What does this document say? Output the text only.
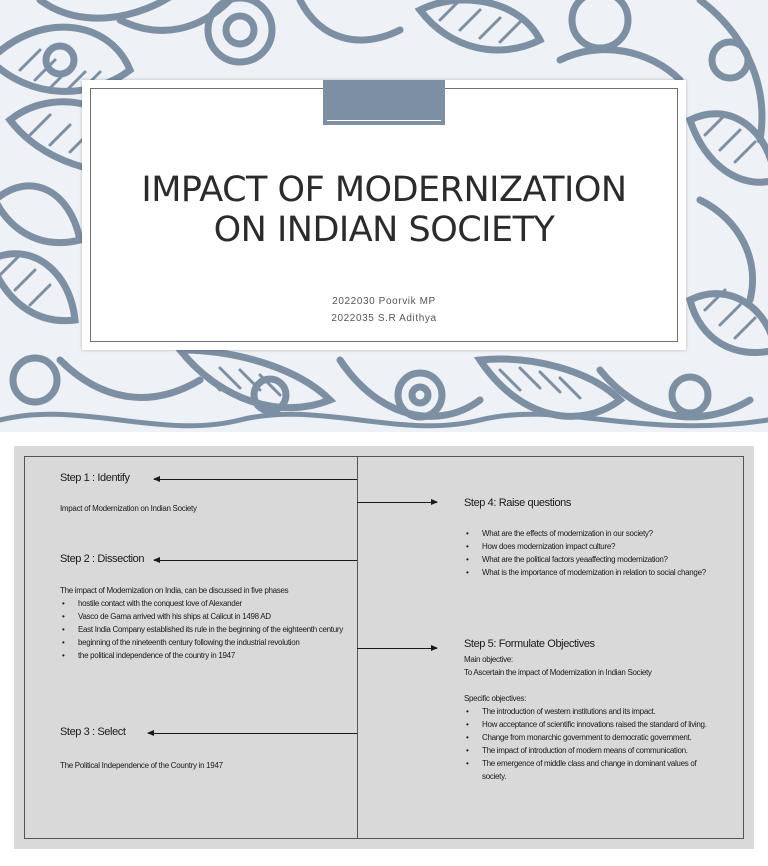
IMPACT OF MODERNIZATION
ON INDIAN SOCIETY
2022030 Poorvik MP
2022035 S.R Adithya
Step 1 : Identify
Impact of Modernization on Indian Society
Step 2 : Dissection
The impact of Modernization on India, can be discussed in five phases
• hostile contact with the conquest love of Alexander
• Vasco de Gama arrived with his ships at Calicut in 1498 AD
• East India Company established its rule in the beginning of the eighteenth century
• beginning of the nineteenth century following the industrial revolution
• the political independence of the country in 1947
Step 3 : Select
The Political Independence of the Country in 1947
Step 4: Raise questions
• What are the effects of modernization in our society?
• How does modernization impact culture?
• What are the political factors yeaaffecting modernization?
• What is the importance of modernization in relation to social change?
Step 5: Formulate Objectives
Main objective:
To Ascertain the impact of Modernization in Indian Society
Specific objectives:
• The introduction of western institutions and its impact.
• How acceptance of scientific innovations raised the standard of living.
• Change from monarchic government to democratic government.
• The impact of introduction of modern means of communication.
• The emergence of middle class and change in dominant values of society.
